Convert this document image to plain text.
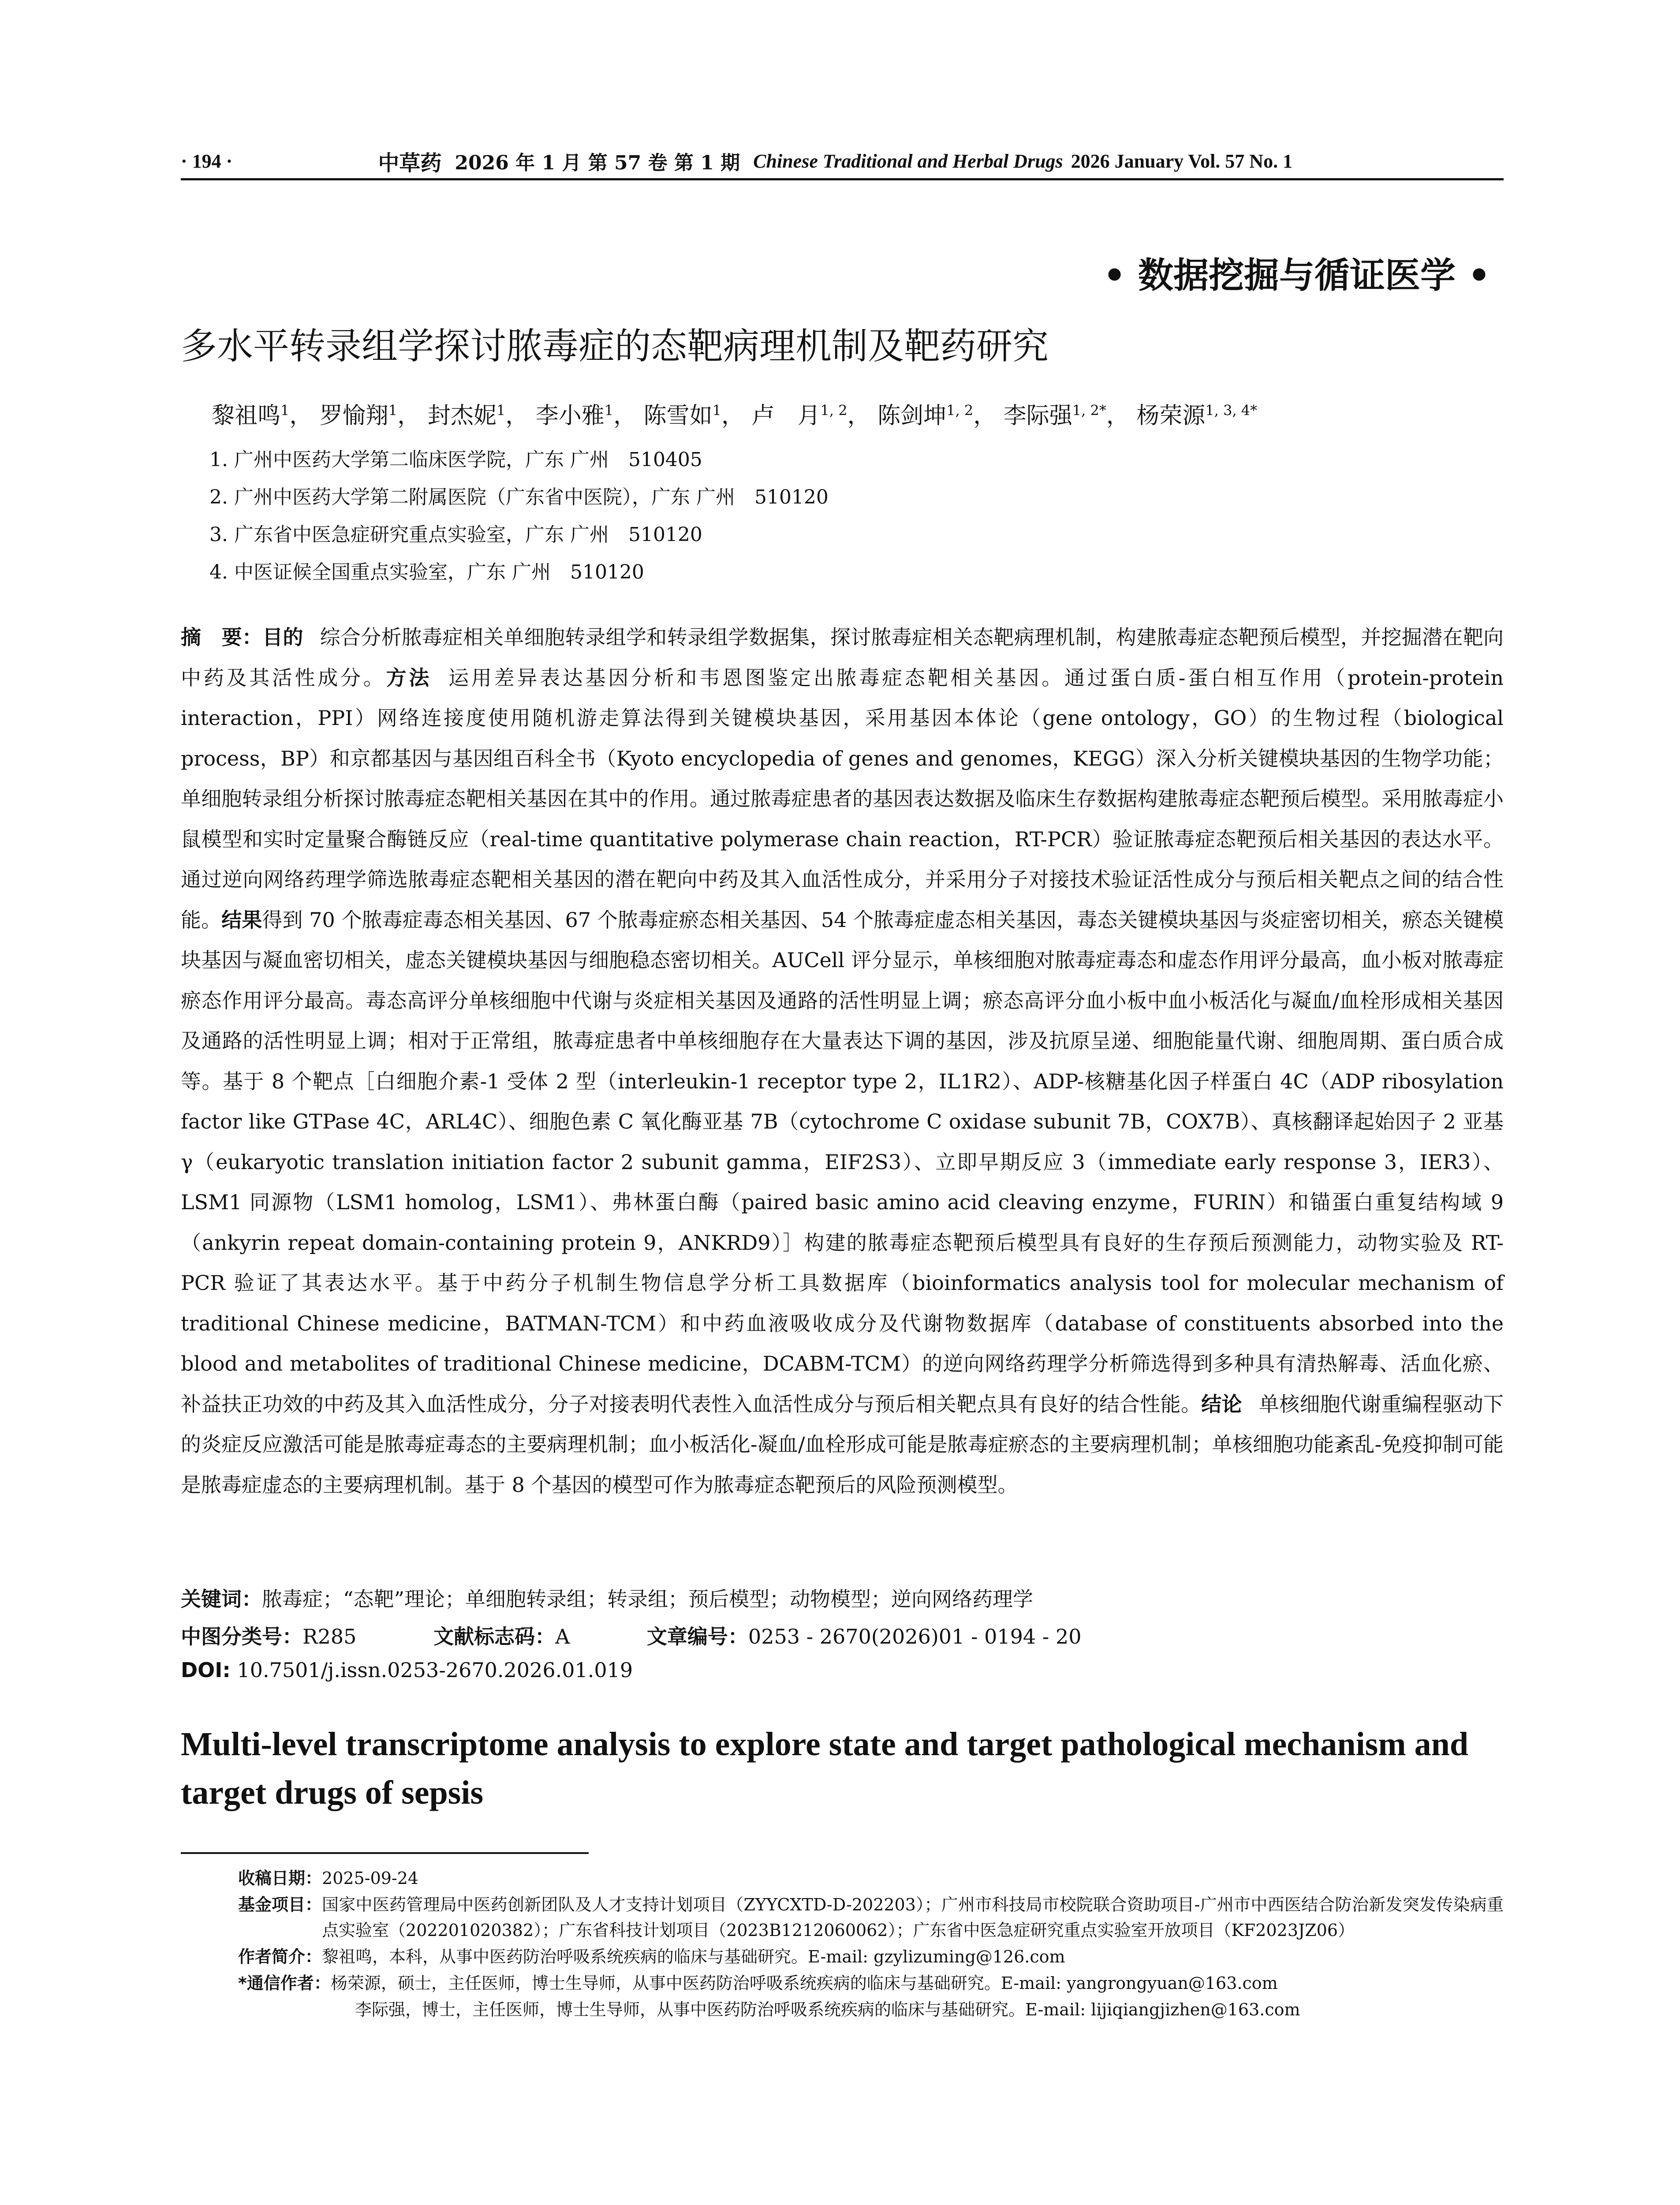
· 194 ·	中草药 2026 年 1 月 第 57 卷 第 1 期 Chinese Traditional and Herbal Drugs 2026 January Vol. 57 No. 1
• 数据挖掘与循证医学 •
多水平转录组学探讨脓毒症的态靶病理机制及靶药研究
黎祖鸣$^1$， 罗愉翔$^1$， 封杰妮$^1$， 李小雅$^1$， 陈雪如$^1$， 卢　月$^{1, 2}$， 陈剑坤$^{1, 2}$， 李际强$^{1, 2*}$， 杨荣源$^{1, 3, 4*}$
1. 广州中医药大学第二临床医学院，广东 广州　510405
2. 广州中医药大学第二附属医院（广东省中医院），广东 广州　510120
3. 广东省中医急症研究重点实验室，广东 广州　510120
4. 中医证候全国重点实验室，广东 广州　510120
摘　要：目的 综合分析脓毒症相关单细胞转录组学和转录组学数据集，探讨脓毒症相关态靶病理机制，构建脓毒症态靶预后模型，并挖掘潜在靶向中药及其活性成分。方法 运用差异表达基因分析和韦恩图鉴定出脓毒症态靶相关基因。通过蛋白质-蛋白相互作用（protein-protein interaction，PPI）网络连接度使用随机游走算法得到关键模块基因，采用基因本体论（gene ontology，GO）的生物过程（biological process，BP）和京都基因与基因组百科全书（Kyoto encyclopedia of genes and genomes，KEGG）深入分析关键模块基因的生物学功能；单细胞转录组分析探讨脓毒症态靶相关基因在其中的作用。通过脓毒症患者的基因表达数据及临床生存数据构建脓毒症态靶预后模型。采用脓毒症小鼠模型和实时定量聚合酶链反应（real-time quantitative polymerase chain reaction，RT-PCR）验证脓毒症态靶预后相关基因的表达水平。通过逆向网络药理学筛选脓毒症态靶相关基因的潜在靶向中药及其入血活性成分，并采用分子对接技术验证活性成分与预后相关靶点之间的结合性能。结果得到 70 个脓毒症毒态相关基因、67 个脓毒症瘀态相关基因、54 个脓毒症虚态相关基因，毒态关键模块基因与炎症密切相关，瘀态关键模块基因与凝血密切相关，虚态关键模块基因与细胞稳态密切相关。AUCell 评分显示，单核细胞对脓毒症毒态和虚态作用评分最高，血小板对脓毒症瘀态作用评分最高。毒态高评分单核细胞中代谢与炎症相关基因及通路的活性明显上调；瘀态高评分血小板中血小板活化与凝血/血栓形成相关基因及通路的活性明显上调；相对于正常组，脓毒症患者中单核细胞存在大量表达下调的基因，涉及抗原呈递、细胞能量代谢、细胞周期、蛋白质合成等。基于 8 个靶点［白细胞介素-1 受体 2 型（interleukin-1 receptor type 2，IL1R2）、ADP-核糖基化因子样蛋白 4C（ADP ribosylation factor like GTPase 4C，ARL4C）、细胞色素 C 氧化酶亚基 7B（cytochrome C oxidase subunit 7B，COX7B）、真核翻译起始因子 2 亚基 γ（eukaryotic translation initiation factor 2 subunit gamma，EIF2S3）、立即早期反应 3（immediate early response 3，IER3）、LSM1 同源物（LSM1 homolog，LSM1）、弗林蛋白酶（paired basic amino acid cleaving enzyme，FURIN）和锚蛋白重复结构域 9（ankyrin repeat domain-containing protein 9，ANKRD9）］构建的脓毒症态靶预后模型具有良好的生存预后预测能力，动物实验及 RT-PCR 验证了其表达水平。基于中药分子机制生物信息学分析工具数据库（bioinformatics analysis tool for molecular mechanism of traditional Chinese medicine，BATMAN-TCM）和中药血液吸收成分及代谢物数据库（database of constituents absorbed into the blood and metabolites of traditional Chinese medicine，DCABM-TCM）的逆向网络药理学分析筛选得到多种具有清热解毒、活血化瘀、补益扶正功效的中药及其入血活性成分，分子对接表明代表性入血活性成分与预后相关靶点具有良好的结合性能。结论 单核细胞代谢重编程驱动下的炎症反应激活可能是脓毒症毒态的主要病理机制；血小板活化-凝血/血栓形成可能是脓毒症瘀态的主要病理机制；单核细胞功能紊乱-免疫抑制可能是脓毒症虚态的主要病理机制。基于 8 个基因的模型可作为脓毒症态靶预后的风险预测模型。
关键词：脓毒症；“态靶”理论；单细胞转录组；转录组；预后模型；动物模型；逆向网络药理学
中图分类号：R285	文献标志码：A	文章编号：0253 - 2670(2026)01 - 0194 - 20
DOI: 10.7501/j.issn.0253-2670.2026.01.019
Multi-level transcriptome analysis to explore state and target pathological mechanism and target drugs of sepsis
收稿日期： 2025-09-24
基金项目： 国家中医药管理局中医药创新团队及人才支持计划项目（ZYYCXTD-D-202203）；广州市科技局市校院联合资助项目-广州市中西医结合防治新发突发传染病重点实验室（202201020382）；广东省科技计划项目（2023B1212060062）；广东省中医急症研究重点实验室开放项目（KF2023JZ06）
作者简介： 黎祖鸣，本科，从事中医药防治呼吸系统疾病的临床与基础研究。E-mail: gzylizuming@126.com
*通信作者： 杨荣源，硕士，主任医师，博士生导师，从事中医药防治呼吸系统疾病的临床与基础研究。E-mail: yangrongyuan@163.com
李际强，博士，主任医师，博士生导师，从事中医药防治呼吸系统疾病的临床与基础研究。E-mail: lijiqiangjizhen@163.com
